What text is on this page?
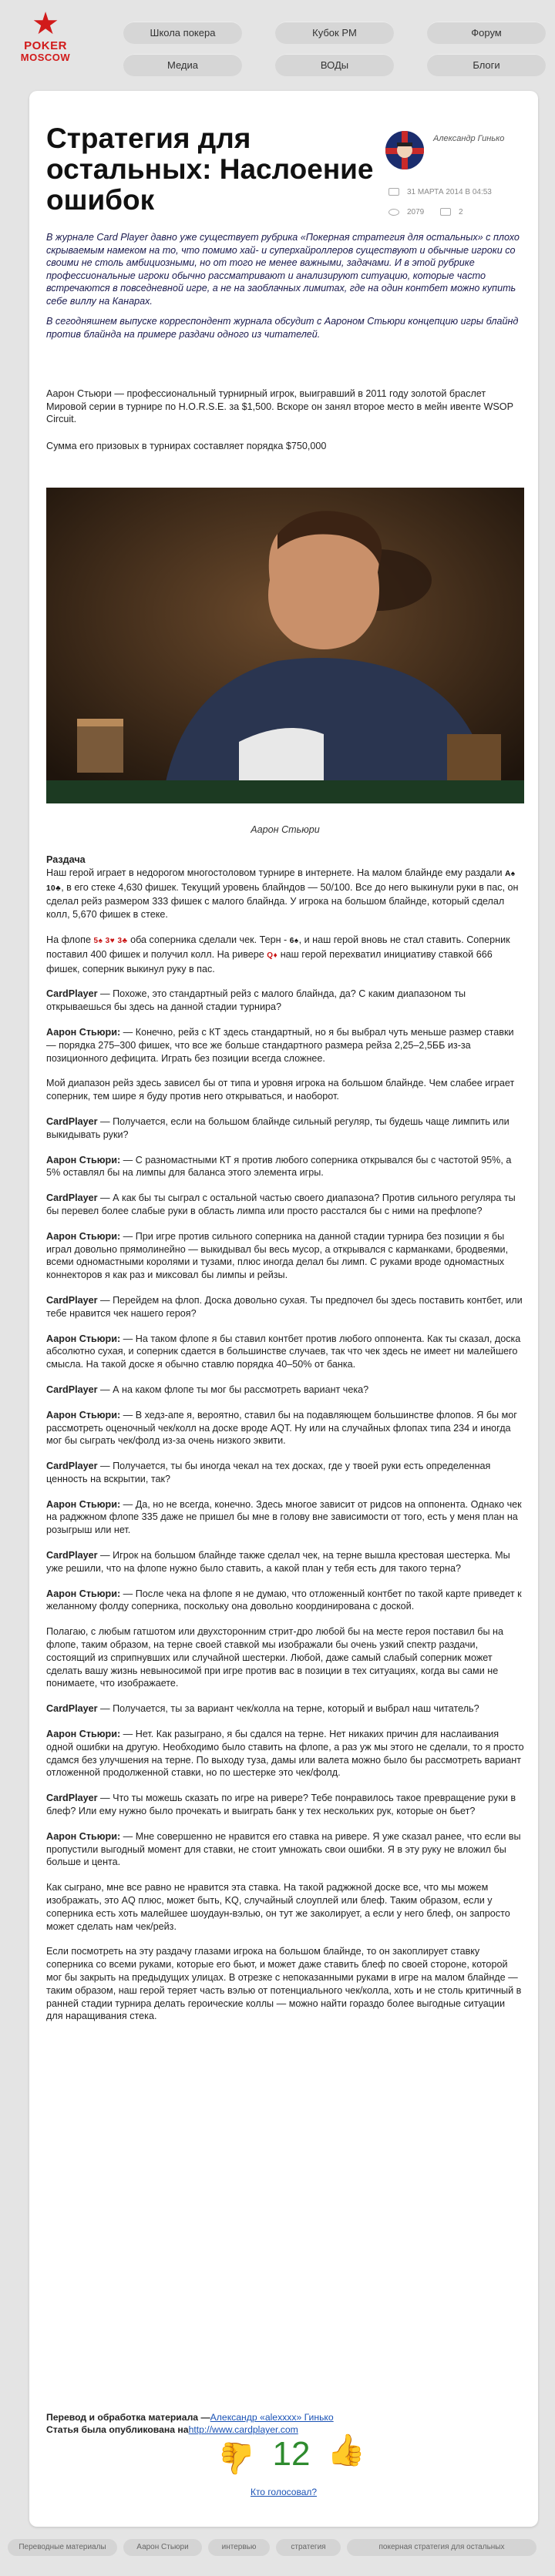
★
POKER
MOSCOW
Школа покера	Кубок PM	Форум
Медиа	ВОДы	Блоги
Стратегия для остальных: Наслоение ошибок
Александр Гинько
31 МАРТА 2014 В 04:53
2079	2

В журнале Card Player давно уже существует рубрика «Покерная стратегия для остальных» с плохо скрываемым намеком на то, что помимо хай- и суперхайроллеров существуют и обычные игроки со своими не столь амбициозными, но от того не менее важными, задачами. И в этой рубрике профессиональные игроки обычно рассматривают и анализируют ситуацию, которые часто встречаются в повседневной игре, а не на заоблачных лимитах, где на один контбет можно купить себе виллу на Канарах.

В сегодняшнем выпуске корреспондент журнала обсудит с Аароном Стьюри концепцию игры блайнд против блайнда на примере раздачи одного из читателей.

Аарон Стьюри — профессиональный турнирный игрок, выигравший в 2011 году золотой браслет Мировой серии в турнире по H.O.R.S.E. за $1,500. Вскоре он занял второе место в мейн ивенте WSOP Circuit.

Сумма его призовых в турнирах составляет порядка $750,000

Аарон Стьюри

Раздача

Наш герой играет в недорогом многостоловом турнире в интернете. На малом блайнде ему раздали A♠ 10♣, в его стеке 4,630 фишек. Текущий уровень блайндов — 50/100. Все до него выкинули руки в пас, он сделал рейз размером 333 фишек с малого блайнда. У игрока на большом блайнде, который сделал колл, 5,670 фишек в стеке.

На флопе 5♠ 3♥ 3♣ оба соперника сделали чек. Терн - 6♠, и наш герой вновь не стал ставить. Соперник поставил 400 фишек и получил колл. На ривере Q♦ наш герой перехватил инициативу ставкой 666 фишек, соперник выкинул руку в пас.

CardPlayer — Похоже, это стандартный рейз с малого блайнда, да? С каким диапазоном ты открываешься бы здесь на данной стадии турнира?

Аарон Стьюри: — Конечно, рейз с КТ здесь стандартный, но я бы выбрал чуть меньше размер ставки — порядка 275–300 фишек, что все же больше стандартного размера рейза 2,25–2,5ББ из-за позиционного дефицита. Играть без позиции всегда сложнее.

Мой диапазон рейз здесь зависел бы от типа и уровня игрока на большом блайнде. Чем слабее играет соперник, тем шире я буду против него открываться, и наоборот.

CardPlayer — Получается, если на большом блайнде сильный регуляр, ты будешь чаще лимпить или выкидывать руки?

Аарон Стьюри: — С разномастными КТ я против любого соперника открывался бы с частотой 95%, а 5% оставлял бы на лимпы для баланса этого элемента игры.

CardPlayer — А как бы ты сыграл с остальной частью своего диапазона? Против сильного регуляра ты бы перевел более слабые руки в область лимпа или просто расстался бы с ними на префлопе?

Аарон Стьюри: — При игре против сильного соперника на данной стадии турнира без позиции я бы играл довольно прямолинейно — выкидывал бы весь мусор, а открывался с карманками, бродвеями, всеми одномастными королями и тузами, плюс иногда делал бы лимп. С руками вроде одномастных коннекторов я как раз и миксовал бы лимпы и рейзы.

CardPlayer — Перейдем на флоп. Доска довольно сухая. Ты предпочел бы здесь поставить контбет, или тебе нравится чек нашего героя?

Аарон Стьюри: — На таком флопе я бы ставил контбет против любого оппонента. Как ты сказал, доска абсолютно сухая, и соперник сдается в большинстве случаев, так что чек здесь не имеет ни малейшего смысла. На такой доске я обычно ставлю порядка 40–50% от банка.

CardPlayer — А на каком флопе ты мог бы рассмотреть вариант чека?

Аарон Стьюри: — В хедз-апе я, вероятно, ставил бы на подавляющем большинстве флопов. Я бы мог рассмотреть оценочный чек/колл на доске вроде AQT. Ну или на случайных флопах типа 234 и иногда мог бы сыграть чек/фолд из-за очень низкого эквити.

CardPlayer — Получается, ты бы иногда чекал на тех досках, где у твоей руки есть определенная ценность на вскрытии, так?

Аарон Стьюри: — Да, но не всегда, конечно. Здесь многое зависит от ридсов на оппонента. Однако чек на раджжном флопе 335 даже не пришел бы мне в голову вне зависимости от того, есть у меня план на розыгрыш или нет.

CardPlayer — Игрок на большом блайнде также сделал чек, на терне вышла крестовая шестерка. Мы уже решили, что на флопе нужно было ставить, а какой план у тебя есть для такого терна?

Аарон Стьюри: — После чека на флопе я не думаю, что отложенный контбет по такой карте приведет к желанному фолду соперника, поскольку она довольно координирована с доской.

Полагаю, с любым гатшотом или двухсторонним стрит-дро любой бы на месте героя поставил бы на флопе, таким образом, на терне своей ставкой мы изображали бы очень узкий спектр раздачи, состоящий из сприпнувших или случайной шестерки. Любой, даже самый слабый соперник может сделать вашу жизнь невыносимой при игре против вас в позиции в тех ситуациях, когда вы сами не понимаете, что изображаете.

CardPlayer — Получается, ты за вариант чек/колла на терне, который и выбрал наш читатель?

Аарон Стьюри: — Нет. Как разыграно, я бы сдался на терне. Нет никаких причин для наслаивания одной ошибки на другую. Необходимо было ставить на флопе, а раз уж мы этого не сделали, то я просто сдамся без улучшения на терне. По выходу туза, дамы или валета можно было бы рассмотреть вариант отложенной продолженной ставки, но по шестерке это чек/фолд.

CardPlayer — Что ты можешь сказать по игре на ривере? Тебе понравилось такое превращение руки в блеф? Или ему нужно было прочекать и выиграть банк у тех нескольких рук, которые он бьет?

Аарон Стьюри: — Мне совершенно не нравится его ставка на ривере. Я уже сказал ранее, что если вы пропустили выгодный момент для ставки, не стоит умножать свои ошибки. Я в эту руку не вложил бы больше и цента.

Как сыграно, мне все равно не нравится эта ставка. На такой раджжной доске все, что мы можем изображать, это AQ плюс, может быть, KQ, случайный слоуплей или блеф. Таким образом, если у соперника есть хоть малейшее шоудаун-вэлью, он тут же заколирует, а если у него блеф, он запросто может сделать нам чек/рейз.

Если посмотреть на эту раздачу глазами игрока на большом блайнде, то он закоплирует ставку соперника со всеми руками, которые его бьют, и может даже ставить блеф по своей стороне, которой мог бы закрыть на предыдущих улицах. В отрезке с непоказанными руками в игре на малом блайнде — таким образом, наш герой теряет часть вэлью от потенциального чек/колла, хоть и не столь критичный в ранней стадии турнира делать героические коллы — можно найти гораздо более выгодные ситуации для наращивания стека.

Перевод и обработка материала —Александр «alexxxx» Гинько
Статья была опубликована наhttp://www.cardplayer.com
👍 12 👍
Кто голосовал?
Переводные материалы	Аарон Стьюри	интервью	стратегия	покерная стратегия для остальных
